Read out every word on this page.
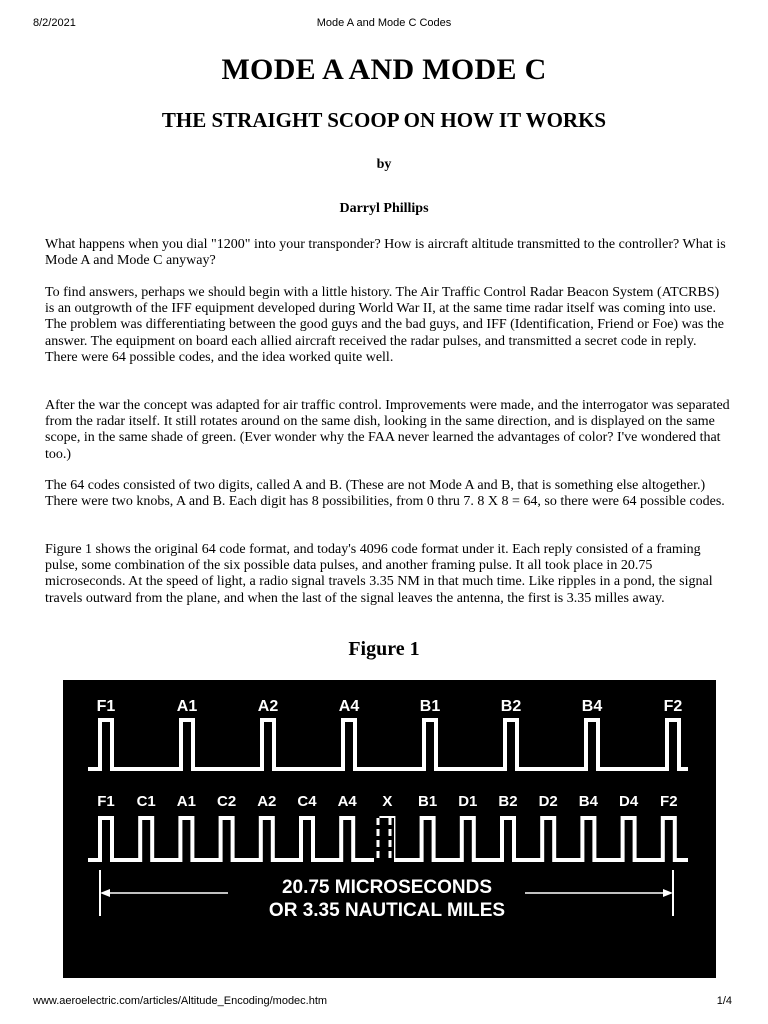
8/2/2021	Mode A and Mode C Codes
MODE A AND MODE C
THE STRAIGHT SCOOP ON HOW IT WORKS
by
Darryl Phillips

What happens when you dial "1200" into your transponder? How is aircraft altitude transmitted to the controller? What is Mode A and Mode C anyway?

To find answers, perhaps we should begin with a little history. The Air Traffic Control Radar Beacon System (ATCRBS) is an outgrowth of the IFF equipment developed during World War II, at the same time radar itself was coming into use. The problem was differentiating between the good guys and the bad guys, and IFF (Identification, Friend or Foe) was the answer. The equipment on board each allied aircraft received the radar pulses, and transmitted a secret code in reply. There were 64 possible codes, and the idea worked quite well.

After the war the concept was adapted for air traffic control. Improvements were made, and the interrogator was separated from the radar itself. It still rotates around on the same dish, looking in the same direction, and is displayed on the same scope, in the same shade of green. (Ever wonder why the FAA never learned the advantages of color? I've wondered that too.)

The 64 codes consisted of two digits, called A and B. (These are not Mode A and B, that is something else altogether.) There were two knobs, A and B. Each digit has 8 possibilities, from 0 thru 7. 8 X 8 = 64, so there were 64 possible codes.

Figure 1 shows the original 64 code format, and today's 4096 code format under it. Each reply consisted of a framing pulse, some combination of the six possible data pulses, and another framing pulse. It all took place in 20.75 microseconds. At the speed of light, a radio signal travels 3.35 NM in that much time. Like ripples in a pond, the signal travels outward from the plane, and when the last of the signal leaves the antenna, the first is 3.35 milles away.

Figure 1
F1	A1	A2	A4	B1	B2	B4	F2
F1 C1 A1 C2 A2 C4 A4 X B1 D1 B2 D2 B4 D4 F2
20.75 MICROSECONDS
OR 3.35 NAUTICAL MILES
www.aeroelectric.com/articles/Altitude_Encoding/modec.htm	1/4
